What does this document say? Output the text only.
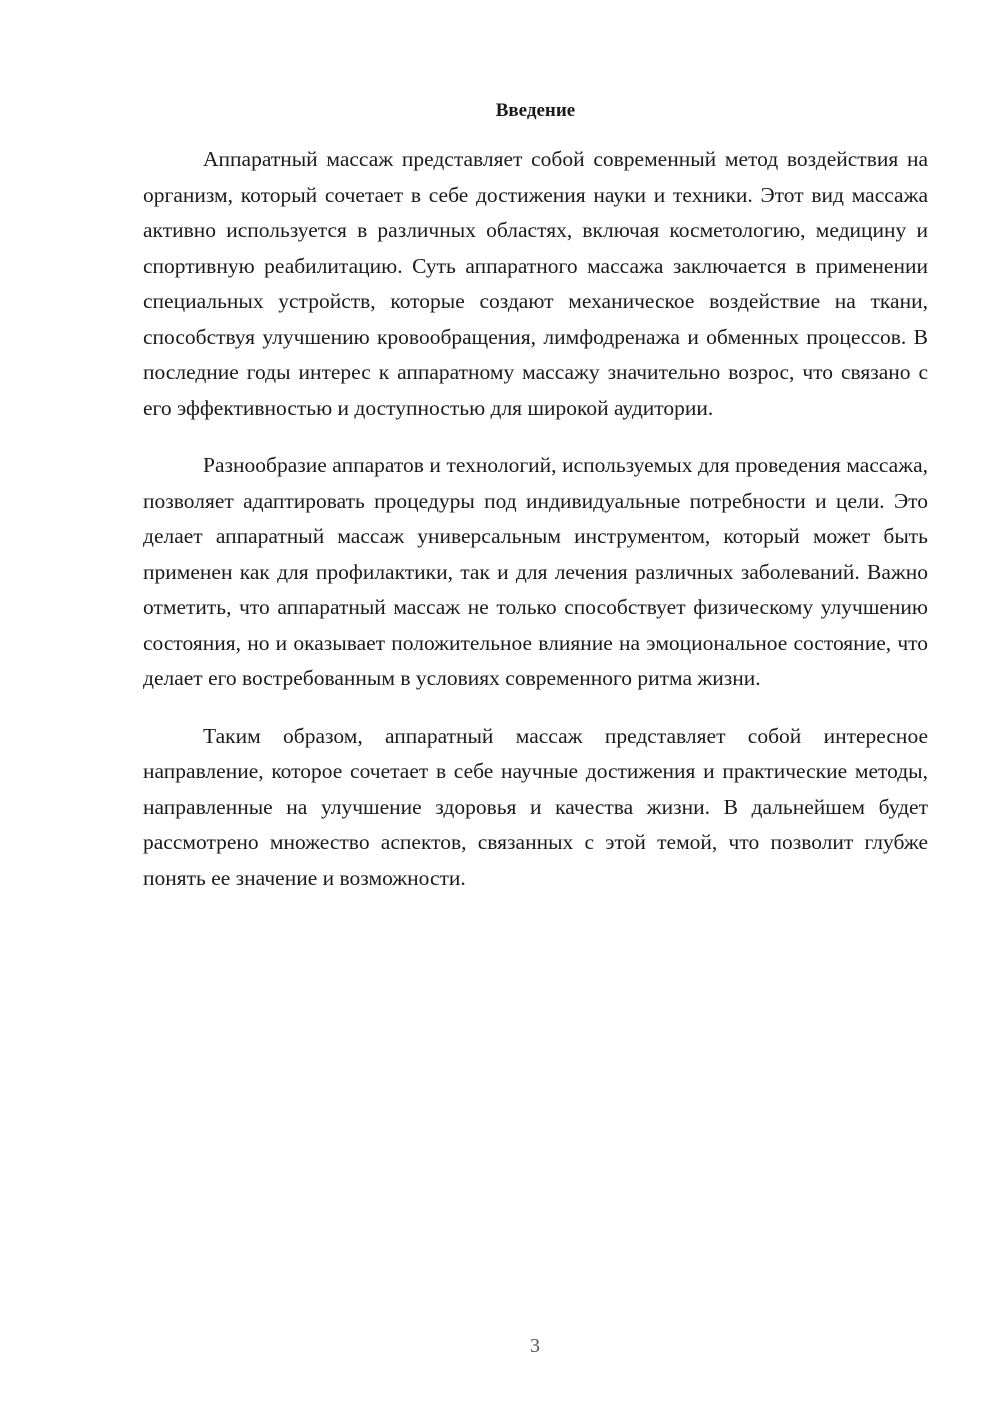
Введение

Аппаратный массаж представляет собой современный метод воздействия на организм, который сочетает в себе достижения науки и техники. Этот вид массажа активно используется в различных областях, включая косметологию, медицину и спортивную реабилитацию. Суть аппаратного массажа заключается в применении специальных устройств, которые создают механическое воздействие на ткани, способствуя улучшению кровообращения, лимфодренажа и обменных процессов. В последние годы интерес к аппаратному массажу значительно возрос, что связано с его эффективностью и доступностью для широкой аудитории.

Разнообразие аппаратов и технологий, используемых для проведения массажа, позволяет адаптировать процедуры под индивидуальные потребности и цели. Это делает аппаратный массаж универсальным инструментом, который может быть применен как для профилактики, так и для лечения различных заболеваний. Важно отметить, что аппаратный массаж не только способствует физическому улучшению состояния, но и оказывает положительное влияние на эмоциональное состояние, что делает его востребованным в условиях современного ритма жизни.

Таким образом, аппаратный массаж представляет собой интересное направление, которое сочетает в себе научные достижения и практические методы, направленные на улучшение здоровья и качества жизни. В дальнейшем будет рассмотрено множество аспектов, связанных с этой темой, что позволит глубже понять ее значение и возможности.

3
